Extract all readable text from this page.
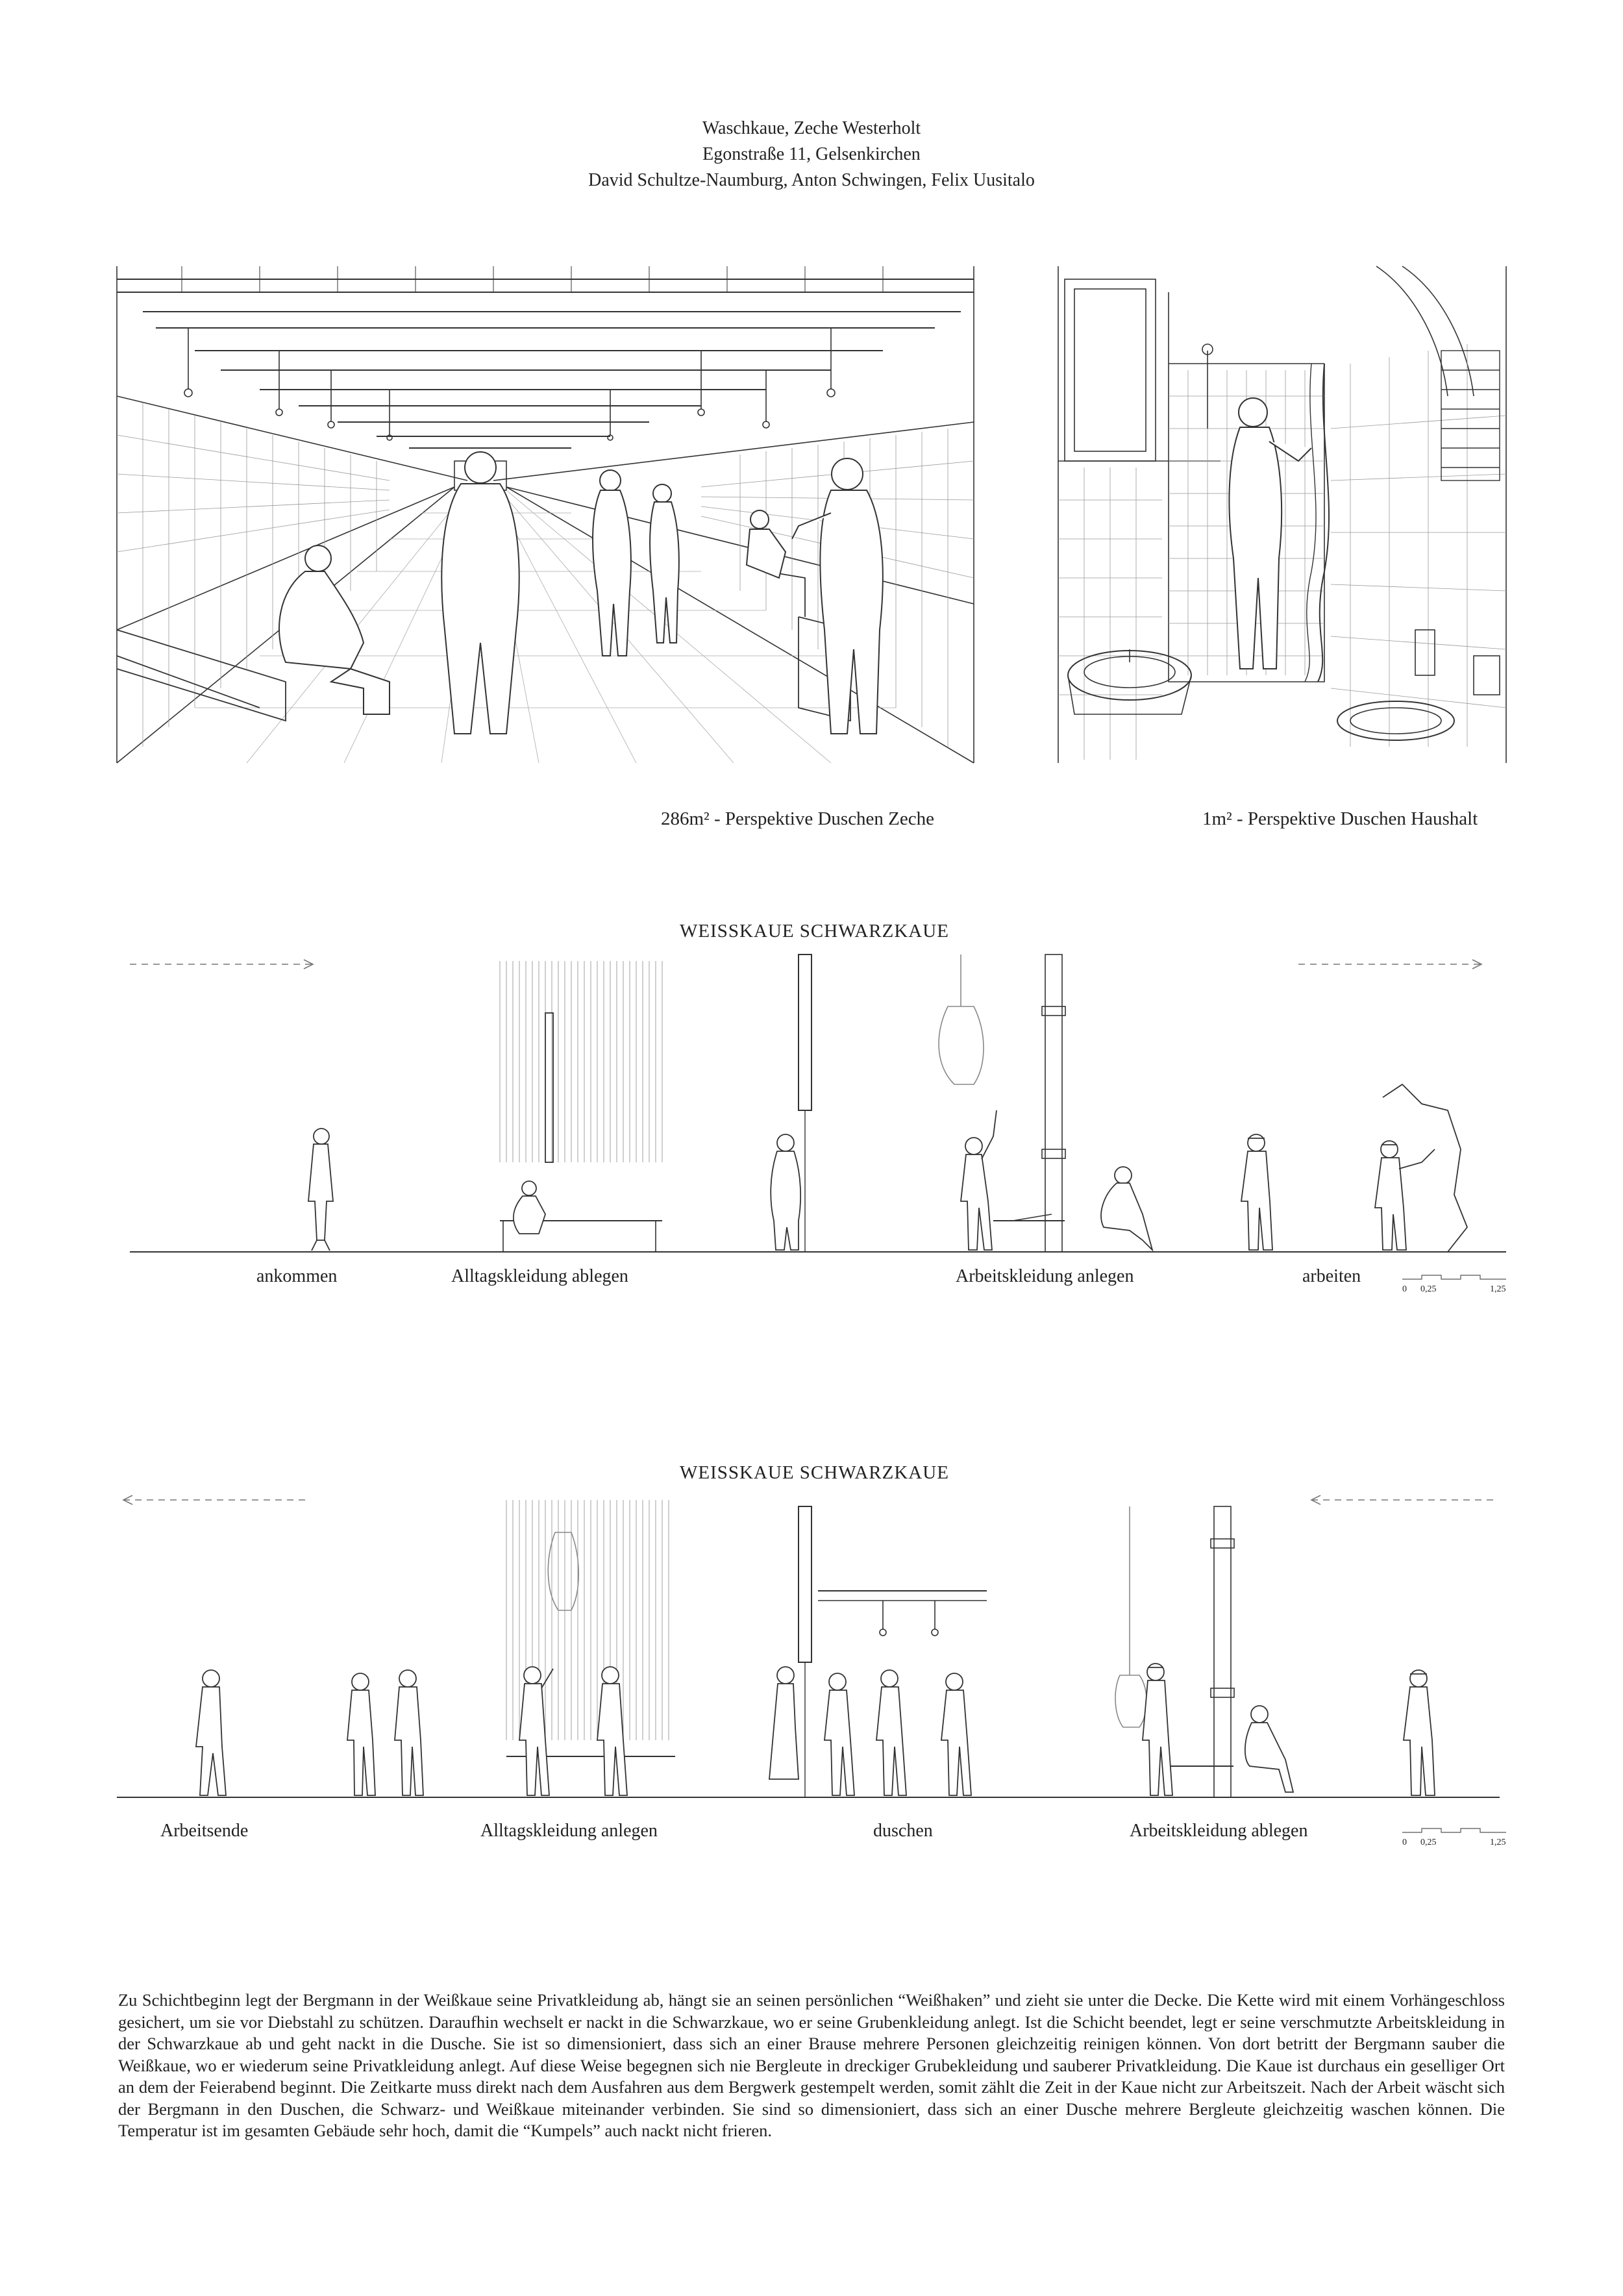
Waschkaue, Zeche Westerholt
Egonstraße 11, Gelsenkirchen
David Schultze-Naumburg, Anton Schwingen, Felix Uusitalo
286m² - Perspektive Duschen Zeche	1m² - Perspektive Duschen Haushalt
WEISSKAUE SCHWARZKAUE
ankommen	Alltagskleidung ablegen	Arbeitskleidung anlegen	arbeiten
0 0,25	1,25
WEISSKAUE SCHWARZKAUE
Arbeitsende	Alltagskleidung anlegen	duschen	Arbeitskleidung ablegen
0 0,25	1,25

Zu Schichtbeginn legt der Bergmann in der Weißkaue seine Privatkleidung ab, hängt sie an seinen persönlichen “Weißhaken” und zieht sie unter die Decke. Die Kette wird mit einem Vorhängeschloss gesichert, um sie vor Diebstahl zu schützen. Daraufhin wechselt er nackt in die Schwarzkaue, wo er seine Grubenkleidung anlegt. Ist die Schicht beendet, legt er seine verschmutzte Arbeitskleidung in der Schwarzkaue ab und geht nackt in die Dusche. Sie ist so dimensioniert, dass sich an einer Brause mehrere Personen gleichzeitig reinigen können. Von dort betritt der Bergmann sauber die Weißkaue, wo er wiederum seine Privatkleidung anlegt. Auf diese Weise begegnen sich nie Bergleute in dreckiger Grubekleidung und sauberer Privatkleidung. Die Kaue ist durchaus ein geselliger Ort an dem der Feierabend beginnt. Die Zeitkarte muss direkt nach dem Ausfahren aus dem Bergwerk gestempelt werden, somit zählt die Zeit in der Kaue nicht zur Arbeitszeit. Nach der Arbeit wäscht sich der Bergmann in den Duschen, die Schwarz- und Weißkaue miteinander verbinden. Sie sind so dimensioniert, dass sich an einer Dusche mehrere Bergleute gleichzeitig waschen können. Die Temperatur ist im gesamten Gebäude sehr hoch, damit die “Kumpels” auch nackt nicht frieren.
